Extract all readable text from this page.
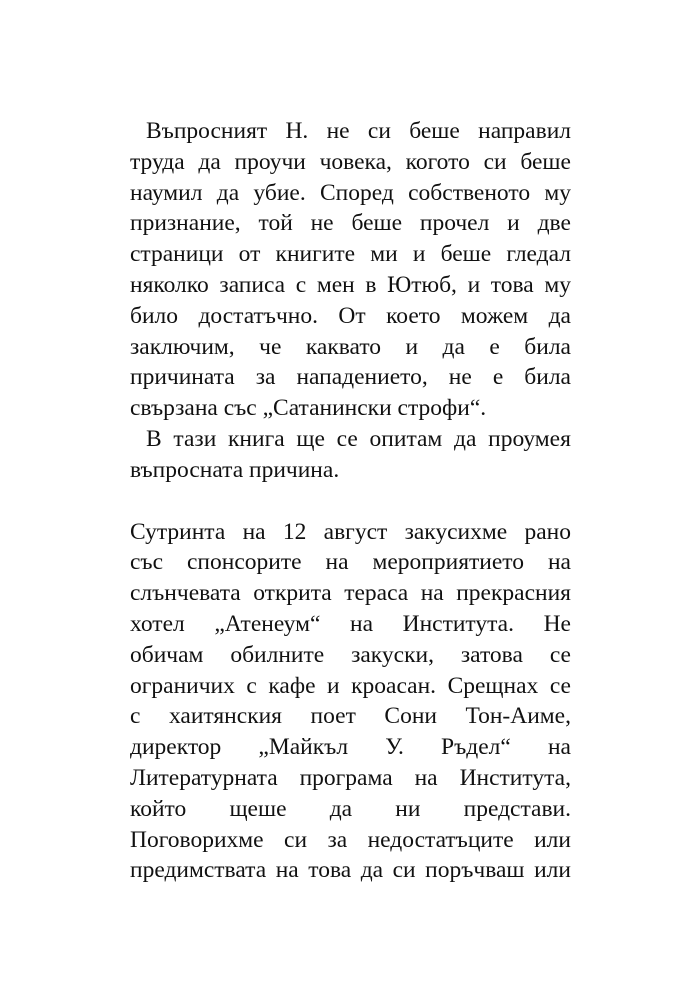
Въпросният Н. не си беше направил
труда да проучи човека, когото си беше
наумил да убие. Според собственото му
признание, той не беше прочел и две
страници от книгите ми и беше гледал
няколко записа с мен в Ютюб, и това му
било достатъчно. От което можем да
заключим, че каквато и да е била
причината за нападението, не е била
свързана със „Сатанински строфи“.
В тази книга ще се опитам да проумея
въпросната причина.
Сутринта на 12 август закусихме рано
със спонсорите на мероприятието на
слънчевата открита тераса на прекрасния
хотел „Атенеум“ на Института. Не
обичам обилните закуски, затова се
ограничих с кафе и кроасан. Срещнах се
с хаитянския поет Сони Тон-Аиме,
директор „Майкъл У. Ръдел“ на
Литературната програма на Института,
който щеше да ни представи.
Поговорихме си за недостатъците или
предимствата на това да си поръчваш или
